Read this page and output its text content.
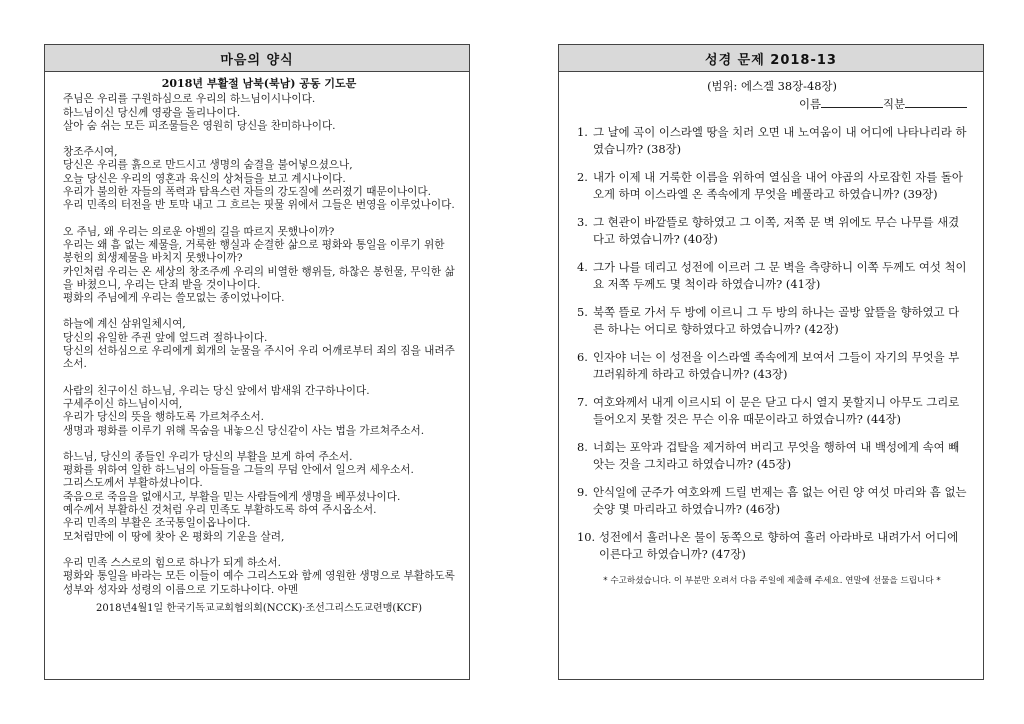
마음의 양식
2018년 부활절 남북(북남) 공동 기도문

주님은 우리를 구원하심으로 우리의 하느님이시나이다.

하느님이신 당신께 영광을 돌리나이다.

살아 숨 쉬는 모든 피조물들은 영원히 당신을 찬미하나이다.

창조주시여,

당신은 우리를 흙으로 만드시고 생명의 숨결을 불어넣으셨으나,

오늘 당신은 우리의 영혼과 육신의 상처들을 보고 계시나이다.

우리가 불의한 자들의 폭력과 탐욕스런 자들의 강도질에 쓰러졌기 때문이나이다.

우리 민족의 터전을 반 토막 내고 그 흐르는 핏물 위에서 그들은 번영을 이루었나이다.

오 주님, 왜 우리는 의로운 아벨의 길을 따르지 못했나이까?

우리는 왜 흠 없는 제물을, 거룩한 행실과 순결한 삶으로 평화와 통일을 이루기 위한 봉헌의 희생제물을 바치지 못했나이까?

카인처럼 우리는 온 세상의 창조주께 우리의 비열한 행위들, 하찮은 봉헌물, 무익한 삶을 바쳤으니, 우리는 단죄 받을 것이나이다.

평화의 주님에게 우리는 쓸모없는 종이었나이다.

하늘에 계신 삼위일체시여,

당신의 유일한 주권 앞에 엎드려 절하나이다.

당신의 선하심으로 우리에게 회개의 눈물을 주시어 우리 어깨로부터 죄의 짐을 내려주소서.

사람의 친구이신 하느님, 우리는 당신 앞에서 밤새워 간구하나이다.

구세주이신 하느님이시여,

우리가 당신의 뜻을 행하도록 가르쳐주소서.

생명과 평화를 이루기 위해 목숨을 내놓으신 당신같이 사는 법을 가르쳐주소서.

하느님, 당신의 종들인 우리가 당신의 부활을 보게 하여 주소서.

평화를 위하여 일한 하느님의 아들들을 그들의 무덤 안에서 일으켜 세우소서.

그리스도께서 부활하셨나이다.

죽음으로 죽음을 없애시고, 부활을 믿는 사람들에게 생명을 베푸셨나이다.

예수께서 부활하신 것처럼 우리 민족도 부활하도록 하여 주시옵소서.

우리 민족의 부활은 조국통일이옵나이다.

모처럼만에 이 땅에 찾아 온 평화의 기운을 살려,

우리 민족 스스로의 힘으로 하나가 되게 하소서.

평화와 통일을 바라는 모든 이들이 예수 그리스도와 함께 영원한 생명으로 부활하도록

성부와 성자와 성령의 이름으로 기도하나이다. 아멘

2018년4월1일 한국기독교교회협의회(NCCK)·조선그리스도교련맹(KCF)
성경 문제 2018-13
(범위: 에스겔 38장-48장)
이름	직분
1. 그 날에 곡이 이스라엘 땅을 치러 오면 내 노여움이 내 어디에 나타나리라 하였습니까? (38장)
2. 내가 이제 내 거룩한 이름을 위하여 열심을 내어 야곱의 사로잡힌 자를 돌아오게 하며 이스라엘 온 족속에게 무엇을 베풀라고 하였습니까? (39장)
3. 그 현관이 바깥뜰로 향하였고 그 이쪽, 저쪽 문 벽 위에도 무슨 나무를 새겼다고 하였습니까? (40장)
4. 그가 나를 데리고 성전에 이르러 그 문 벽을 측량하니 이쪽 두께도 여섯 척이요 저쪽 두께도 몇 척이라 하였습니까? (41장)
5. 북쪽 뜰로 가서 두 방에 이르니 그 두 방의 하나는 골방 앞뜰을 향하였고 다른 하나는 어디로 향하였다고 하였습니까? (42장)
6. 인자야 너는 이 성전을 이스라엘 족속에게 보여서 그들이 자기의 무엇을 부끄러워하게 하라고 하였습니까? (43장)
7. 여호와께서 내게 이르시되 이 문은 닫고 다시 열지 못할지니 아무도 그리로 들어오지 못할 것은 무슨 이유 때문이라고 하였습니까? (44장)
8. 너희는 포악과 겁탈을 제거하여 버리고 무엇을 행하여 내 백성에게 속여 빼앗는 것을 그치라고 하였습니까? (45장)
9. 안식일에 군주가 여호와께 드릴 번제는 흠 없는 어린 양 여섯 마리와 흠 없는 숫양 몇 마리라고 하였습니까? (46장)
10. 성전에서 흘러나온 물이 동쪽으로 향하여 흘러 아라바로 내려가서 어디에 이른다고 하였습니까? (47장)
* 수고하셨습니다. 이 부분만 오려서 다음 주일에 제출해 주세요. 연말에 선물을 드립니다 *
